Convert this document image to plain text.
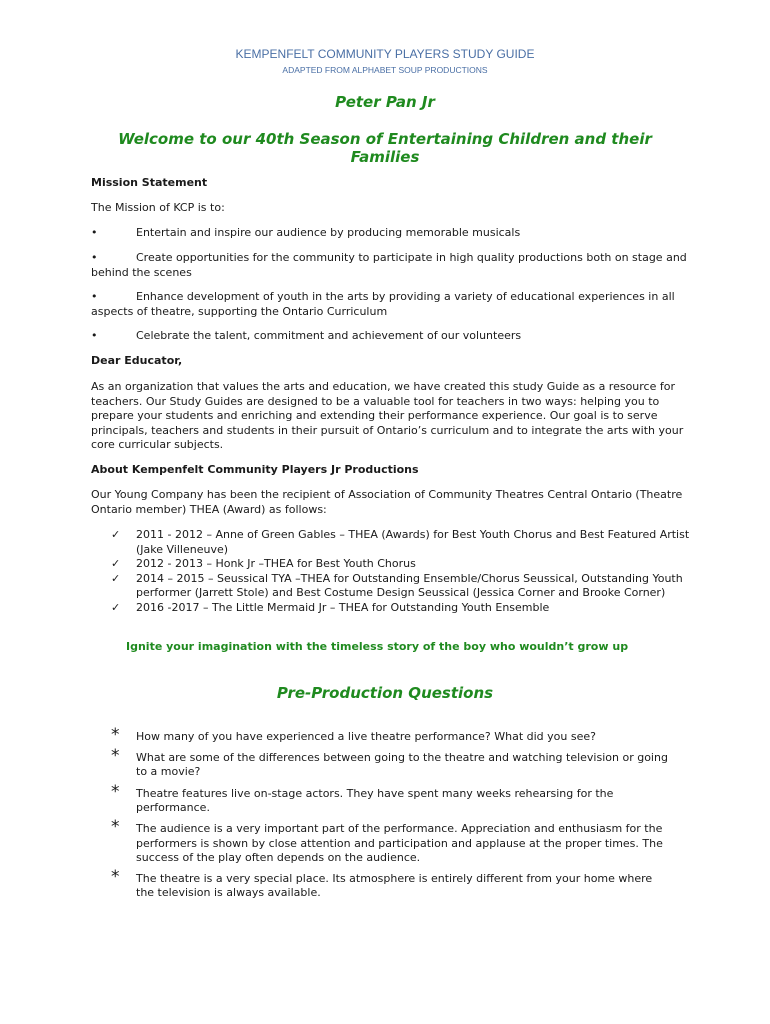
KEMPENFELT COMMUNITY PLAYERS STUDY GUIDE
ADAPTED FROM ALPHABET SOUP PRODUCTIONS
Peter Pan Jr
Welcome to our 40th Season of Entertaining Children and their Families
Mission Statement
The Mission of KCP is to:
•	Entertain and inspire our audience by producing memorable musicals
•	Create opportunities for the community to participate in high quality productions both on stage and behind the scenes
•	Enhance development of youth in the arts by providing a variety of educational experiences in all aspects of theatre, supporting the Ontario Curriculum
•	Celebrate the talent, commitment and achievement of our volunteers
Dear Educator,
As an organization that values the arts and education, we have created this study Guide as a resource for teachers. Our Study Guides are designed to be a valuable tool for teachers in two ways: helping you to prepare your students and enriching and extending their performance experience. Our goal is to serve principals, teachers and students in their pursuit of Ontario’s curriculum and to integrate the arts with your core curricular subjects.
About Kempenfelt Community Players Jr Productions
Our Young Company has been the recipient of Association of Community Theatres Central Ontario (Theatre Ontario member) THEA (Award) as follows:
✓ 2011 - 2012 – Anne of Green Gables – THEA (Awards) for Best Youth Chorus and Best Featured Artist (Jake Villeneuve)
✓ 2012 - 2013 – Honk Jr –THEA for Best Youth Chorus
✓ 2014 – 2015 – Seussical TYA –THEA for Outstanding Ensemble/Chorus Seussical, Outstanding Youth performer (Jarrett Stole) and Best Costume Design Seussical (Jessica Corner and Brooke Corner)
✓ 2016 -2017 – The Little Mermaid Jr – THEA for Outstanding Youth Ensemble
Ignite your imagination with the timeless story of the boy who wouldn’t grow up
Pre-Production Questions
* How many of you have experienced a live theatre performance? What did you see?
* What are some of the differences between going to the theatre and watching television or going to a movie?
* Theatre features live on-stage actors. They have spent many weeks rehearsing for the performance.
* The audience is a very important part of the performance. Appreciation and enthusiasm for the performers is shown by close attention and participation and applause at the proper times. The success of the play often depends on the audience.
* The theatre is a very special place. Its atmosphere is entirely different from your home where the television is always available.
